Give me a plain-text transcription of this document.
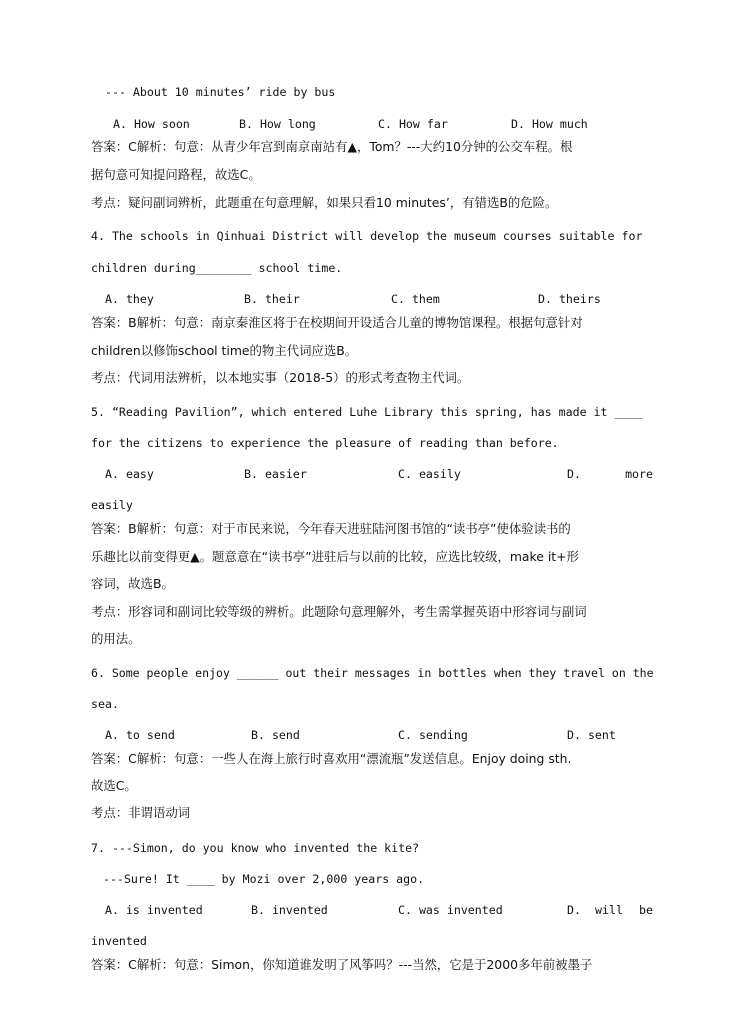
--- About 10 minutes’ ride by bus
A. How soon	B. How long	C. How far	D. How much
答案：C解析：句意：从青少年宫到南京南站有▲，Tom？---大约10分钟的公交车程。根
据句意可知提问路程，故选C。
考点：疑问副词辨析，此题重在句意理解，如果只看10 minutes’，有错选B的危险。
4. The schools in Qinhuai District will develop the museum courses suitable for
children during________ school time.
A. they	B. their	C. them	D. theirs
答案：B解析：句意：南京秦淮区将于在校期间开设适合儿童的博物馆课程。根据句意针对
children以修饰school time的物主代词应选B。
考点：代词用法辨析，以本地实事（2018-5）的形式考查物主代词。
5. “Reading Pavilion”, which entered Luhe Library this spring, has made it ____
for the citizens to experience the pleasure of reading than before.
A. easy	B. easier	C. easily	D.	more
easily
答案：B解析：句意：对于市民来说，今年春天进驻陆河图书馆的“读书亭”使体验读书的
乐趣比以前变得更▲。题意意在“读书亭”进驻后与以前的比较，应选比较级，make it+形
容词，故选B。
考点：形容词和副词比较等级的辨析。此题除句意理解外，考生需掌握英语中形容词与副词
的用法。
6. Some people enjoy ______ out their messages in bottles when they travel on the
sea.
A. to send	B. send	C. sending	D. sent
答案：C解析：句意：一些人在海上旅行时喜欢用“漂流瓶”发送信息。Enjoy doing sth.
故选C。
考点：非谓语动词
7. ---Simon, do you know who invented the kite?
---Sure! It ____ by Mozi over 2,000 years ago.
A. is invented	B. invented	C. was invented	D. will be
invented
答案：C解析：句意：Simon，你知道谁发明了风筝吗？---当然，它是于2000多年前被墨子
